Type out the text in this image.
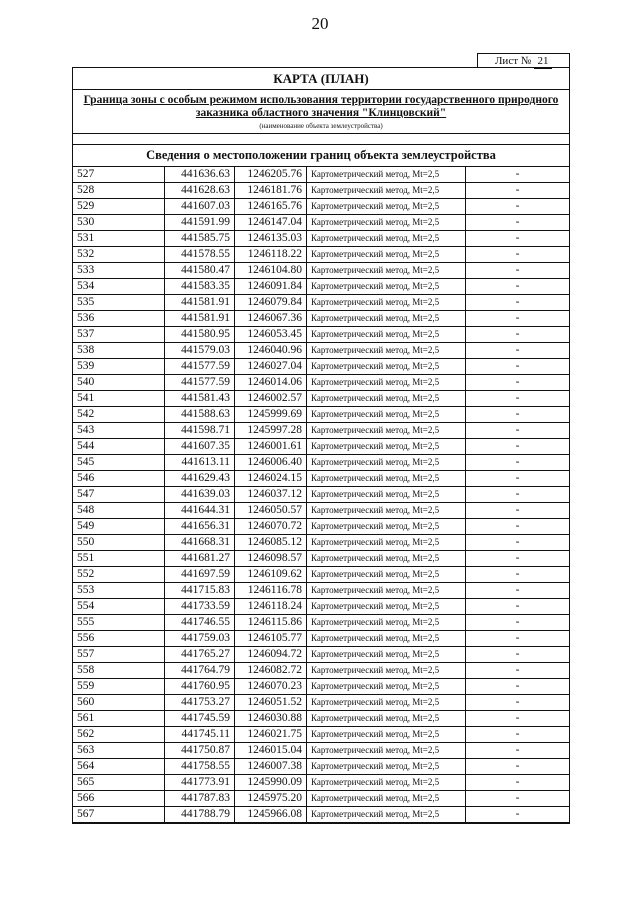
20
Лист № 21
КАРТА (ПЛАН)
Граница зоны с особым режимом использования территории государственного природного заказника областного значения "Клинцовский"
(наименование объекта землеустройства)
Сведения о местоположении границ объекта землеустройства
527	441636.63	1246205.76	Картометрический метод, Mt=2,5	-
528	441628.63	1246181.76	Картометрический метод, Mt=2,5	-
529	441607.03	1246165.76	Картометрический метод, Mt=2,5	-
530	441591.99	1246147.04	Картометрический метод, Mt=2,5	-
531	441585.75	1246135.03	Картометрический метод, Mt=2,5	-
532	441578.55	1246118.22	Картометрический метод, Mt=2,5	-
533	441580.47	1246104.80	Картометрический метод, Mt=2,5	-
534	441583.35	1246091.84	Картометрический метод, Mt=2,5	-
535	441581.91	1246079.84	Картометрический метод, Mt=2,5	-
536	441581.91	1246067.36	Картометрический метод, Mt=2,5	-
537	441580.95	1246053.45	Картометрический метод, Mt=2,5	-
538	441579.03	1246040.96	Картометрический метод, Mt=2,5	-
539	441577.59	1246027.04	Картометрический метод, Mt=2,5	-
540	441577.59	1246014.06	Картометрический метод, Mt=2,5	-
541	441581.43	1246002.57	Картометрический метод, Mt=2,5	-
542	441588.63	1245999.69	Картометрический метод, Mt=2,5	-
543	441598.71	1245997.28	Картометрический метод, Mt=2,5	-
544	441607.35	1246001.61	Картометрический метод, Mt=2,5	-
545	441613.11	1246006.40	Картометрический метод, Mt=2,5	-
546	441629.43	1246024.15	Картометрический метод, Mt=2,5	-
547	441639.03	1246037.12	Картометрический метод, Mt=2,5	-
548	441644.31	1246050.57	Картометрический метод, Mt=2,5	-
549	441656.31	1246070.72	Картометрический метод, Mt=2,5	-
550	441668.31	1246085.12	Картометрический метод, Mt=2,5	-
551	441681.27	1246098.57	Картометрический метод, Mt=2,5	-
552	441697.59	1246109.62	Картометрический метод, Mt=2,5	-
553	441715.83	1246116.78	Картометрический метод, Mt=2,5	-
554	441733.59	1246118.24	Картометрический метод, Mt=2,5	-
555	441746.55	1246115.86	Картометрический метод, Mt=2,5	-
556	441759.03	1246105.77	Картометрический метод, Mt=2,5	-
557	441765.27	1246094.72	Картометрический метод, Mt=2,5	-
558	441764.79	1246082.72	Картометрический метод, Mt=2,5	-
559	441760.95	1246070.23	Картометрический метод, Mt=2,5	-
560	441753.27	1246051.52	Картометрический метод, Mt=2,5	-
561	441745.59	1246030.88	Картометрический метод, Mt=2,5	-
562	441745.11	1246021.75	Картометрический метод, Mt=2,5	-
563	441750.87	1246015.04	Картометрический метод, Mt=2,5	-
564	441758.55	1246007.38	Картометрический метод, Mt=2,5	-
565	441773.91	1245990.09	Картометрический метод, Mt=2,5	-
566	441787.83	1245975.20	Картометрический метод, Mt=2,5	-
567	441788.79	1245966.08	Картометрический метод, Mt=2,5	-
